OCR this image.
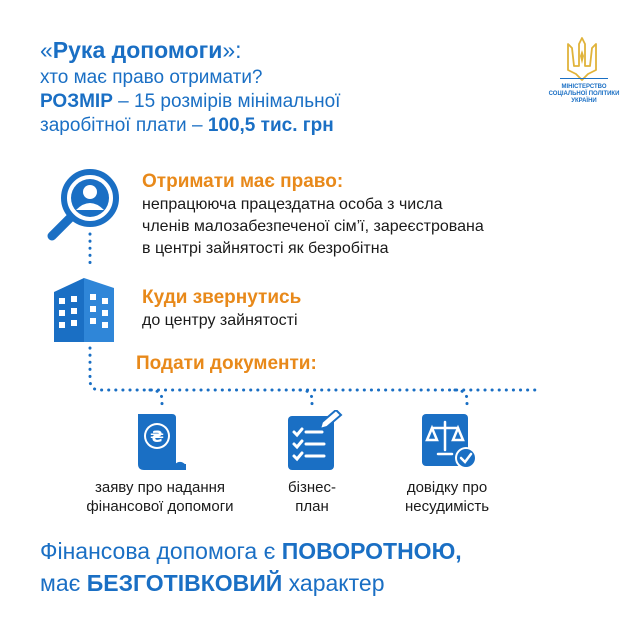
«Рука допомоги»:
хто має право отримати?
РОЗМІР – 15 розмірів мінімальної
заробітної плати – 100,5 тис. грн
МІНІСТЕРСТВО
СОЦІАЛЬНОЇ ПОЛІТИКИ
УКРАЇНИ
Отримати має право:
непрацююча працездатна особа з числа
членів малозабезпеченої сім’ї, зареєстрована
в центрі зайнятості як безробітна
Куди звернутись
до центру зайнятості
Подати документи:
₴
заяву про надання
фінансової допомоги
бізнес-
план
довідку про
несудимість
Фінансова допомога є ПОВОРОТНОЮ,
має БЕЗГОТІВКОВИЙ характер
